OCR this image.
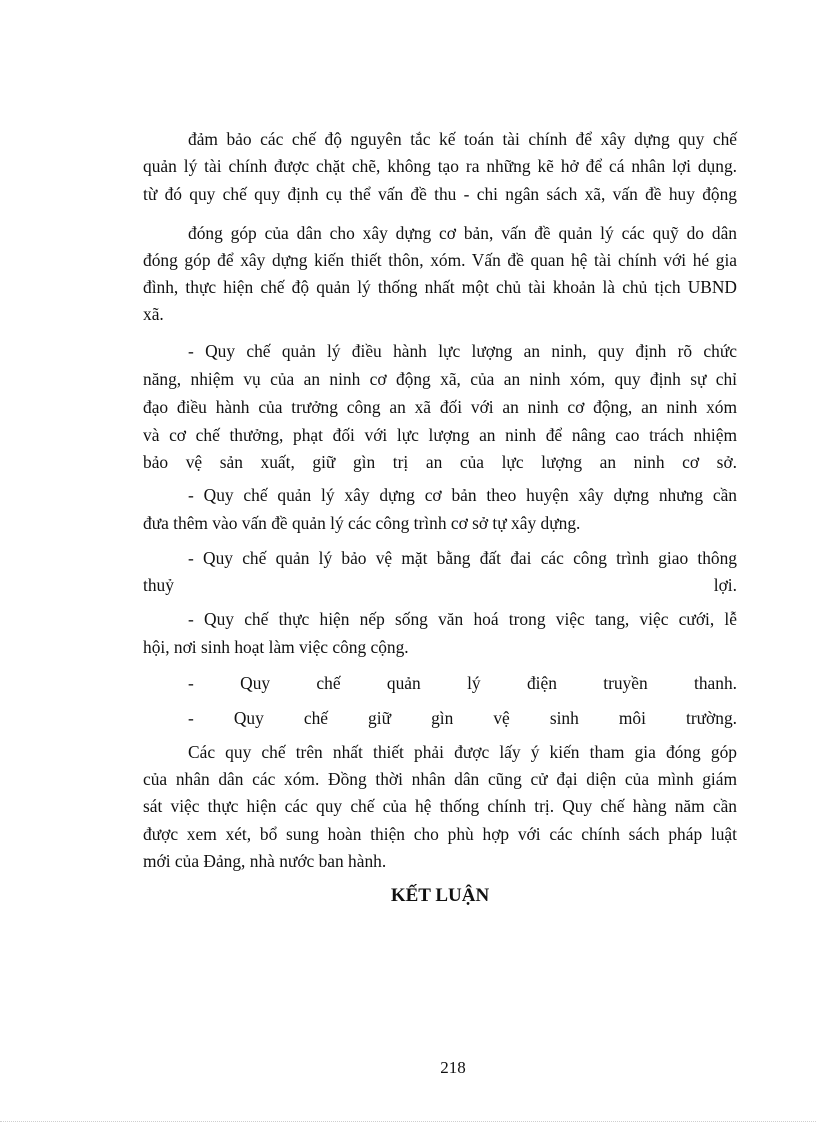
đảm bảo các chế độ nguyên tắc kế toán tài chính để xây dựng quy chế
quản lý tài chính được chặt chẽ, không tạo ra những kẽ hở để cá nhân lợi dụng.
từ đó quy chế quy định cụ thể vấn đề thu - chi ngân sách xã, vấn đề huy động
đóng góp của dân cho xây dựng cơ bản, vấn đề quản lý các quỹ do dân
đóng góp để xây dựng kiến thiết thôn, xóm. Vấn đề quan hệ tài chính với hé gia
đình, thực hiện chế độ quản lý thống nhất một chủ tài khoản là chủ tịch UBND
xã.
- Quy chế quản lý điều hành lực lượng an ninh, quy định rõ chức
năng, nhiệm vụ của an ninh cơ động xã, của an ninh xóm, quy định sự chỉ
đạo điều hành của trưởng công an xã đối với an ninh cơ động, an ninh xóm
và cơ chế thưởng, phạt đối với lực lượng an ninh để nâng cao trách nhiệm
bảo vệ sản xuất, giữ gìn trị an của lực lượng an ninh cơ sở.
- Quy chế quản lý xây dựng cơ bản theo huyện xây dựng nhưng cần
đưa thêm vào vấn đề quản lý các công trình cơ sở tự xây dựng.
- Quy chế quản lý bảo vệ mặt bằng đất đai các công trình giao thông
thuỷ lợi.
- Quy chế thực hiện nếp sống văn hoá trong việc tang, việc cưới, lễ
hội, nơi sinh hoạt làm việc công cộng.
- Quy chế quản lý điện truyền thanh.
- Quy chế giữ gìn vệ sinh môi trường.
Các quy chế trên nhất thiết phải được lấy ý kiến tham gia đóng góp
của nhân dân các xóm. Đồng thời nhân dân cũng cử đại diện của mình giám
sát việc thực hiện các quy chế của hệ thống chính trị. Quy chế hàng năm cần
được xem xét, bổ sung hoàn thiện cho phù hợp với các chính sách pháp luật
mới của Đảng, nhà nước ban hành.
KẾT LUẬN
218
